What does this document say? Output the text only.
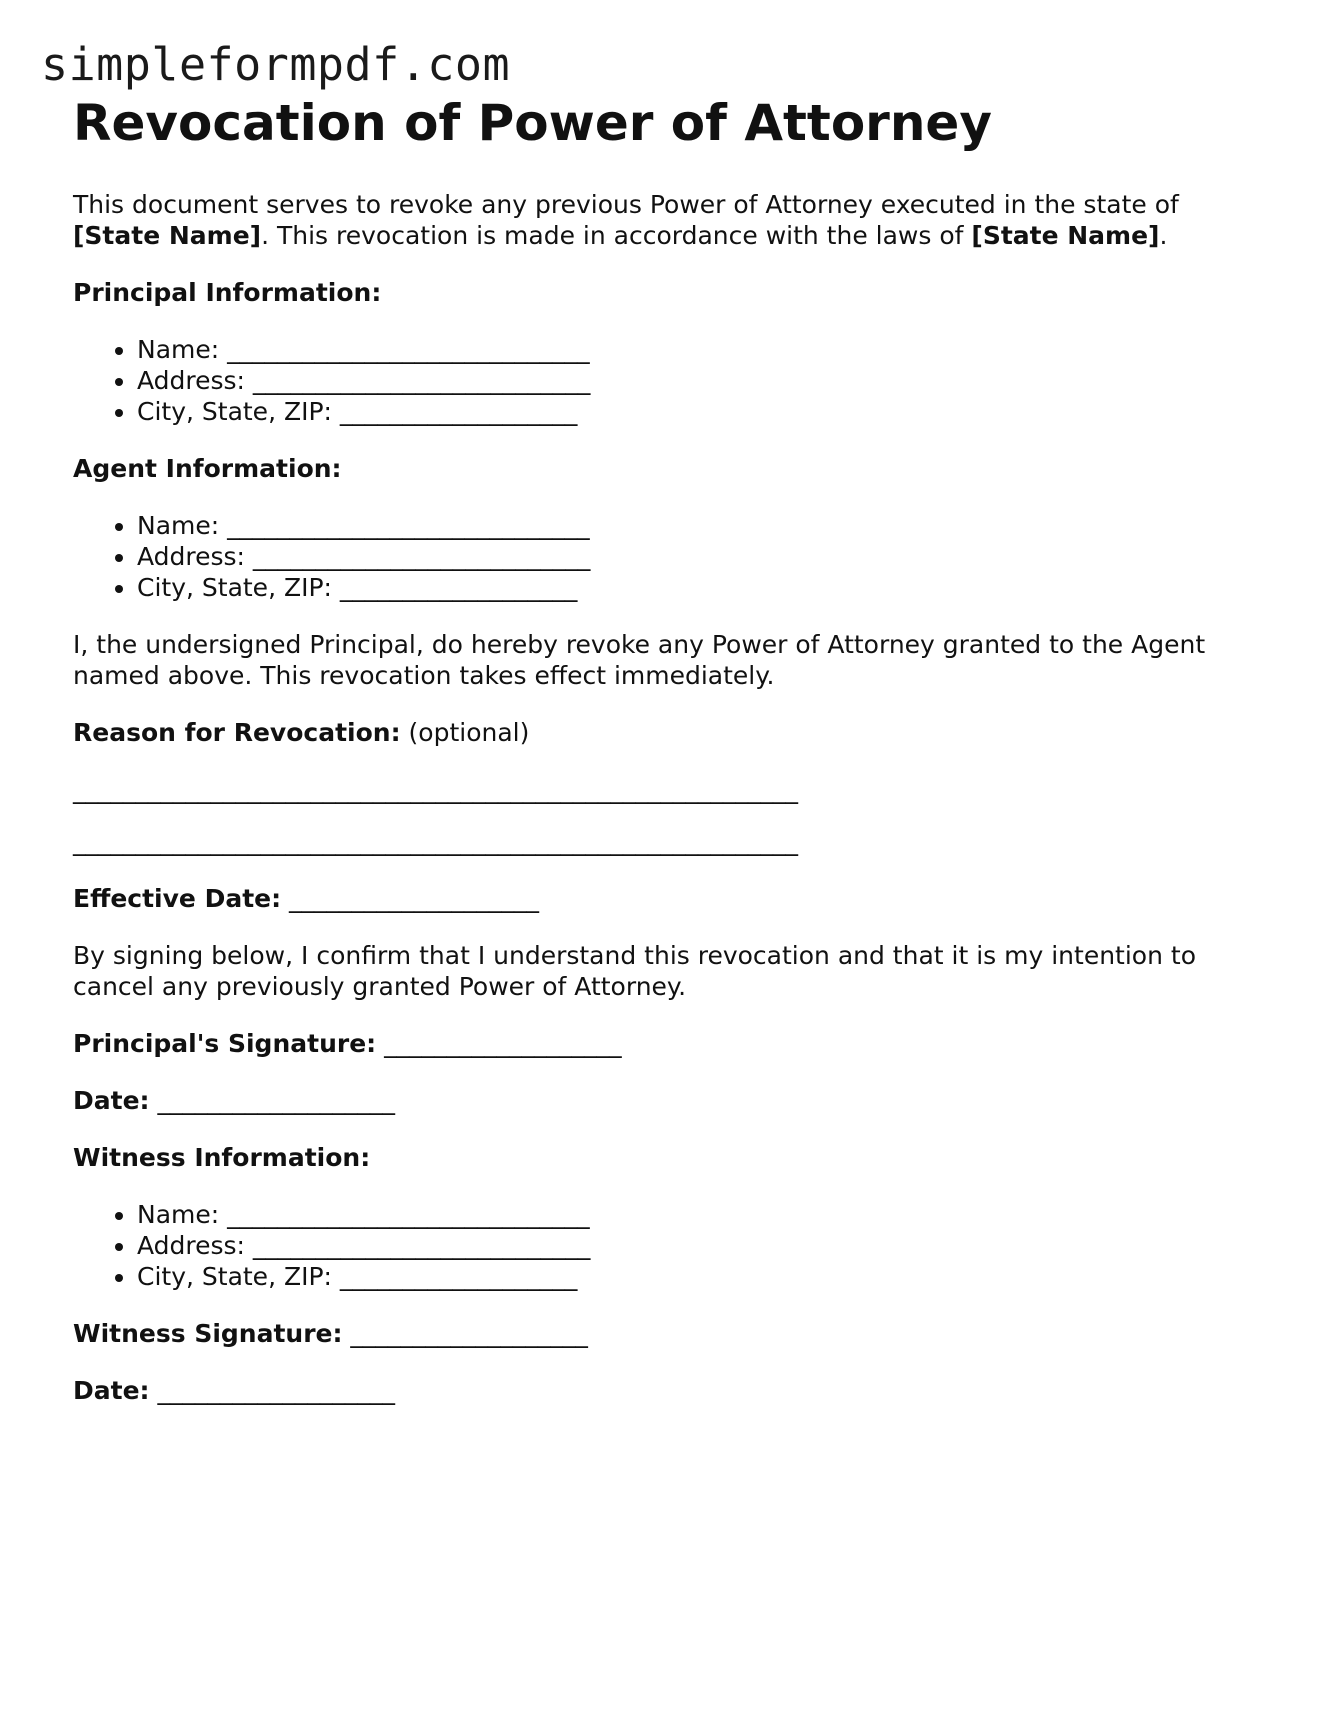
simpleformpdf.com
Revocation of Power of Attorney

This document serves to revoke any previous Power of Attorney executed in the state of [State Name]. This revocation is made in accordance with the laws of [State Name].

Principal Information:
• Name: _____________________________
• Address: ___________________________
• City, State, ZIP: ___________________
Agent Information:
• Name: _____________________________
• Address: ___________________________
• City, State, ZIP: ___________________

I, the undersigned Principal, do hereby revoke any Power of Attorney granted to the Agent named above. This revocation takes effect immediately.

Reason for Revocation: (optional)
__________________________________________________________
__________________________________________________________
Effective Date: ____________________

By signing below, I confirm that I understand this revocation and that it is my intention to cancel any previously granted Power of Attorney.

Principal's Signature: ___________________
Date: ___________________
Witness Information:
• Name: _____________________________
• Address: ___________________________
• City, State, ZIP: ___________________
Witness Signature: ___________________
Date: ___________________
